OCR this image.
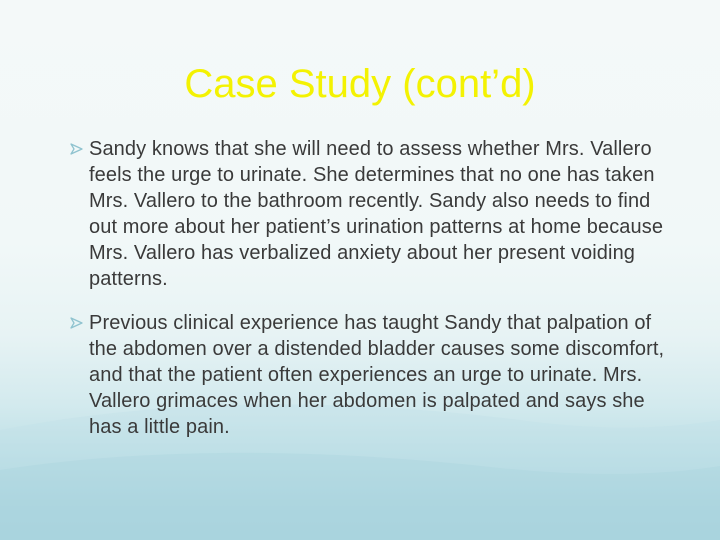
Case Study (cont’d)
Sandy knows that she will need to assess whether Mrs. Vallero feels the urge to urinate. She determines that no one has taken Mrs. Vallero to the bathroom recently. Sandy also needs to find out more about her patient’s urination patterns at home because Mrs. Vallero has verbalized anxiety about her present voiding patterns.
Previous clinical experience has taught Sandy that palpation of the abdomen over a distended bladder causes some discomfort, and that the patient often experiences an urge to urinate. Mrs. Vallero grimaces when her abdomen is palpated and says she has a little pain.
